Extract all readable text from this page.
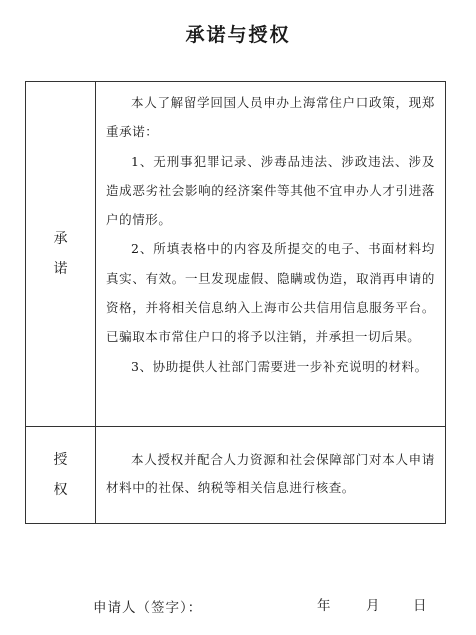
承诺与授权
承
诺

本人了解留学回国人员申办上海常住户口政策，现郑重承诺：

1、无刑事犯罪记录、涉毒品违法、涉政违法、涉及造成恶劣社会影响的经济案件等其他不宜申办人才引进落户的情形。

2、所填表格中的内容及所提交的电子、书面材料均真实、有效。一旦发现虚假、隐瞒或伪造，取消再申请的资格，并将相关信息纳入上海市公共信用信息服务平台。已骗取本市常住户口的将予以注销，并承担一切后果。

3、协助提供人社部门需要进一步补充说明的材料。

授
权

本人授权并配合人力资源和社会保障部门对本人申请材料中的社保、纳税等相关信息进行核查。

申请人（签字）：	年	月 日
